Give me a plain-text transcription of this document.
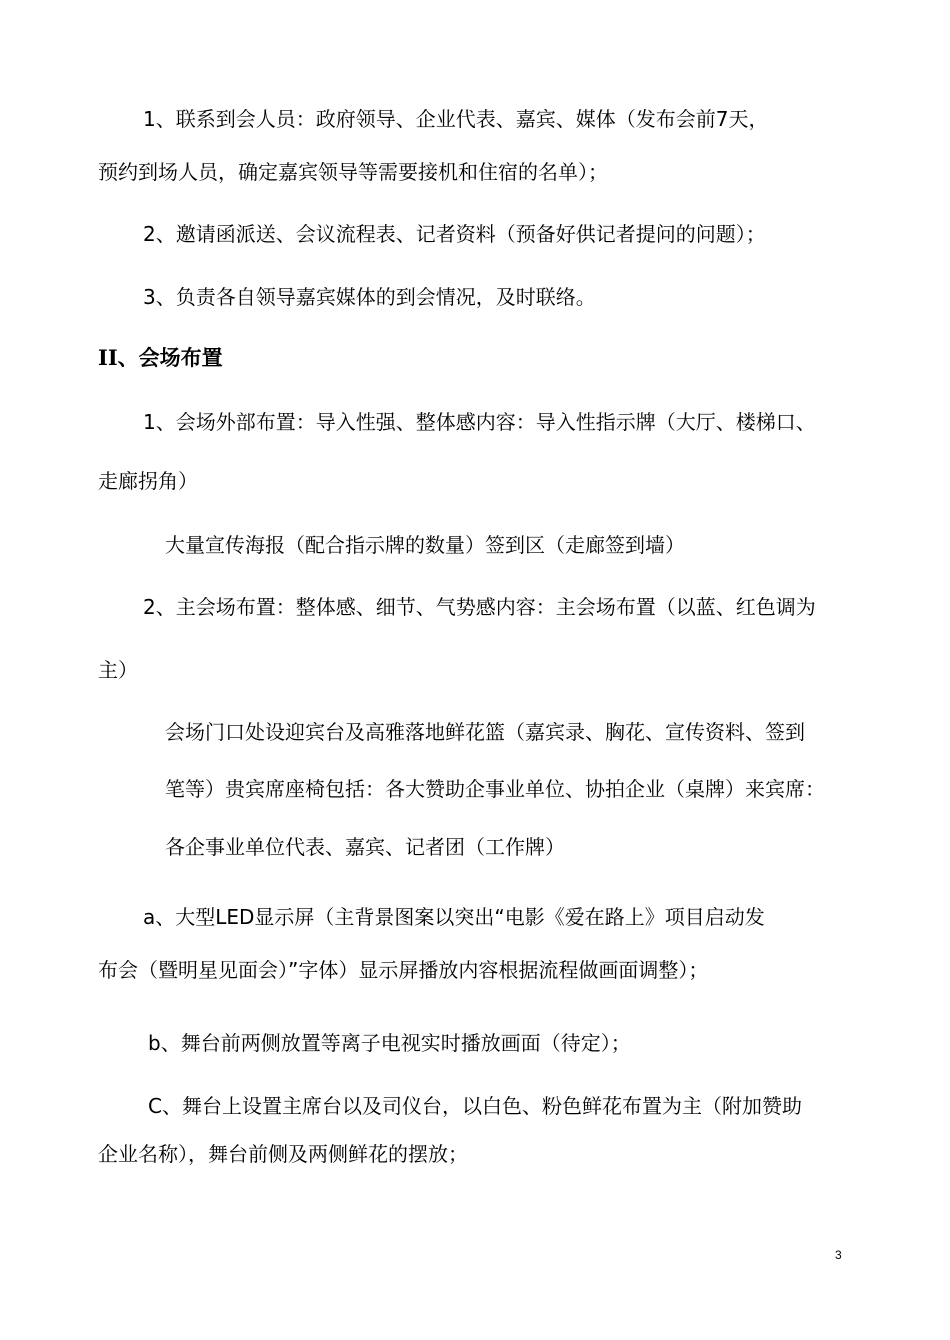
1、联系到会人员：政府领导、企业代表、嘉宾、媒体（发布会前7天，

预约到场人员，确定嘉宾领导等需要接机和住宿的名单）；

2、邀请函派送、会议流程表、记者资料（预备好供记者提问的问题）；

3、负责各自领导嘉宾媒体的到会情况，及时联络。

II、会场布置

1、会场外部布置：导入性强、整体感内容：导入性指示牌（大厅、楼梯口、

走廊拐角）

大量宣传海报（配合指示牌的数量）签到区（走廊签到墙）

2、主会场布置：整体感、细节、气势感内容：主会场布置（以蓝、红色调为

主）

会场门口处设迎宾台及高雅落地鲜花篮（嘉宾录、胸花、宣传资料、签到

笔等）贵宾席座椅包括：各大赞助企事业单位、协拍企业（桌牌）来宾席：

各企事业单位代表、嘉宾、记者团（工作牌）

a、大型LED显示屏（主背景图案以突出“电影《爱在路上》项目启动发

布会（暨明星见面会）”字体）显示屏播放内容根据流程做画面调整）；

b、舞台前两侧放置等离子电视实时播放画面（待定）；

C、舞台上设置主席台以及司仪台，以白色、粉色鲜花布置为主（附加赞助

企业名称），舞台前侧及两侧鲜花的摆放；

3
